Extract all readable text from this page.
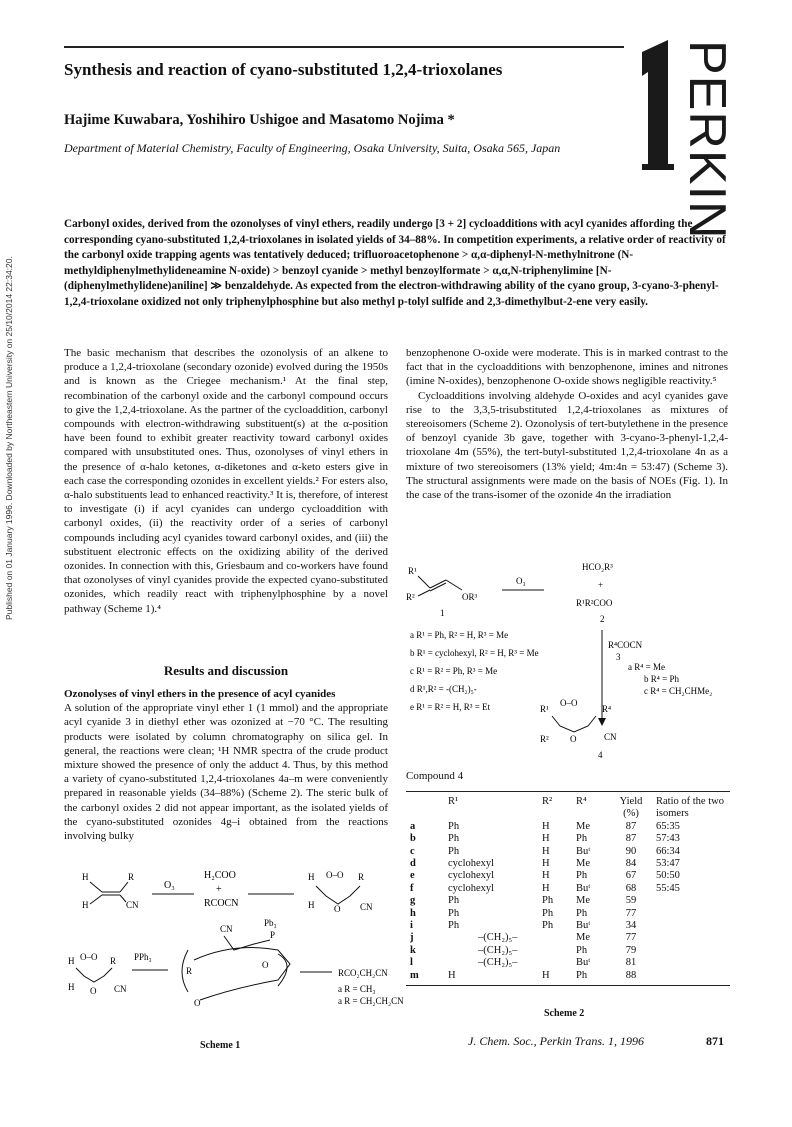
Published on 01 January 1996. Downloaded by Northeastern University on 25/10/2014 22:34:20.
Synthesis and reaction of cyano-substituted 1,2,4-trioxolanes
Hajime Kuwabara, Yoshihiro Ushigoe and Masatomo Nojima *
Department of Material Chemistry, Faculty of Engineering, Osaka University, Suita, Osaka 565, Japan	PERKIN

Carbonyl oxides, derived from the ozonolyses of vinyl ethers, readily undergo [3 + 2] cycloadditions with acyl cyanides affording the corresponding cyano-substituted 1,2,4-trioxolanes in isolated yields of 34–88%. In competition experiments, a relative order of reactivity of the carbonyl oxide trapping agents was tentatively deduced; trifluoroacetophenone > α,α-diphenyl-N-methylnitrone (N-methyldiphenylmethylideneamine N-oxide) > benzoyl cyanide > methyl benzoylformate > α,α,N-triphenylimine [N-(diphenylmethylidene)aniline] ≫ benzaldehyde. As expected from the electron-withdrawing ability of the cyano group, 3-cyano-3-phenyl-1,2,4-trioxolane oxidized not only triphenylphosphine but also methyl p-tolyl sulfide and 2,3-dimethylbut-2-ene very easily.

The basic mechanism that describes the ozonolysis of an alkene to produce a 1,2,4-trioxolane (secondary ozonide) evolved during the 1950s and is known as the Criegee mechanism.¹ At the final step, recombination of the carbonyl oxide and the carbonyl compound occurs to give the 1,2,4-trioxolane. As the partner of the cycloaddition, carbonyl compounds with electron-withdrawing substituent(s) at the α-position have been found to exhibit greater reactivity toward carbonyl oxides compared with unsubstituted ones. Thus, ozonolyses of vinyl ethers in the presence of α-halo ketones, α-diketones and α-keto esters give in each case the corresponding ozonides in excellent yields.² For esters also, α-halo substituents lead to enhanced reactivity.³ It is, therefore, of interest to investigate (i) if acyl cyanides can undergo cycloaddition with carbonyl oxides, (ii) the reactivity order of a series of carbonyl compounds including acyl cyanides toward carbonyl oxides, and (iii) the substituent electronic effects on the oxidizing ability of the derived ozonides. In connection with this, Griesbaum and co-workers have found that ozonolyses of vinyl cyanides provide the expected cyano-substituted ozonides, which readily react with triphenylphosphine by a novel pathway (Scheme 1).⁴

Results and discussion
Ozonolyses of vinyl ethers in the presence of acyl cyanides

A solution of the appropriate vinyl ether 1 (1 mmol) and the appropriate acyl cyanide 3 in diethyl ether was ozonized at −70 °C. The resulting products were isolated by column chromatography on silica gel. In general, the reactions were clean; ¹H NMR spectra of the crude product mixture showed the presence of only the adduct 4. Thus, by this method a variety of cyano-substituted 1,2,4-trioxolanes 4a–m were conveniently prepared in reasonable yields (34–88%) (Scheme 2). The steric bulk of the carbonyl oxides 2 did not appear important, as the isolated yields of the cyano-substituted ozonides 4g–i obtained from the reactions involving bulky

H	R
H	CN
O₃
H₂COO
+
RCOCN
H O–O R
H O CN
H O–O R
H O CN
PPh₃
CN
Pb₃
P
R
O
O
RCO₂CH₂CN
a R = CH₃
a R = CH₂CH₂CN
Scheme 1

benzophenone O-oxide were moderate. This is in marked contrast to the fact that in the cycloadditions with benzophenone, imines and nitrones (imine N-oxides), benzophenone O-oxide shows negligible reactivity.⁵

Cycloadditions involving aldehyde O-oxides and acyl cyanides gave rise to the 3,3,5-trisubstituted 1,2,4-trioxolanes as mixtures of stereoisomers (Scheme 2). Ozonolysis of tert-butylethene in the presence of benzoyl cyanide 3b gave, together with 3-cyano-3-phenyl-1,2,4-trioxolane 4m (55%), the tert-butyl-substituted 1,2,4-trioxolane 4n as a mixture of two stereoisomers (13% yield; 4m:4n = 53:47) (Scheme 3). The structural assignments were made on the basis of NOEs (Fig. 1). In the case of the trans-isomer of the ozonide 4n the irradiation

R¹
R²	OR³
1
O₃
HCO₂R³
+
R¹R²COO
2
R⁴COCN
3
a R⁴ = Me
b R⁴ = Ph
c R⁴ = CH₂CHMe₂
a R¹ = Ph, R² = H, R³ = Me
b R¹ = cyclohexyl, R² = H, R³ = Me
c R¹ = R² = Ph, R³ = Me
d R¹,R² = -(CH₂)₅-
e R¹ = R² = H, R³ = Et	R¹
O–O
R⁴
R² O	CN
4
Compound 4
	R¹	R²	R⁴	Yield (%)	Ratio of the two isomers
a	Ph	H	Me	87	65:35
b	Ph	H	Ph	87	57:43
c	Ph	H	Buᵗ	90	66:34
d	cyclohexyl	H	Me	84	53:47
e	cyclohexyl	H	Ph	67	50:50
f	cyclohexyl	H	Buᵗ	68	55:45
g	Ph	Ph	Me	59	
h	Ph	Ph	Ph	77	
i	Ph	Ph	Buᵗ	34	
j	–(CH₂)₅–		Me	77	
k	–(CH₂)₅–		Ph	79	
l	–(CH₂)₅–		Buᵗ	81	
m	H	H	Ph	88	
Scheme 2
J. Chem. Soc., Perkin Trans. 1, 1996	871
